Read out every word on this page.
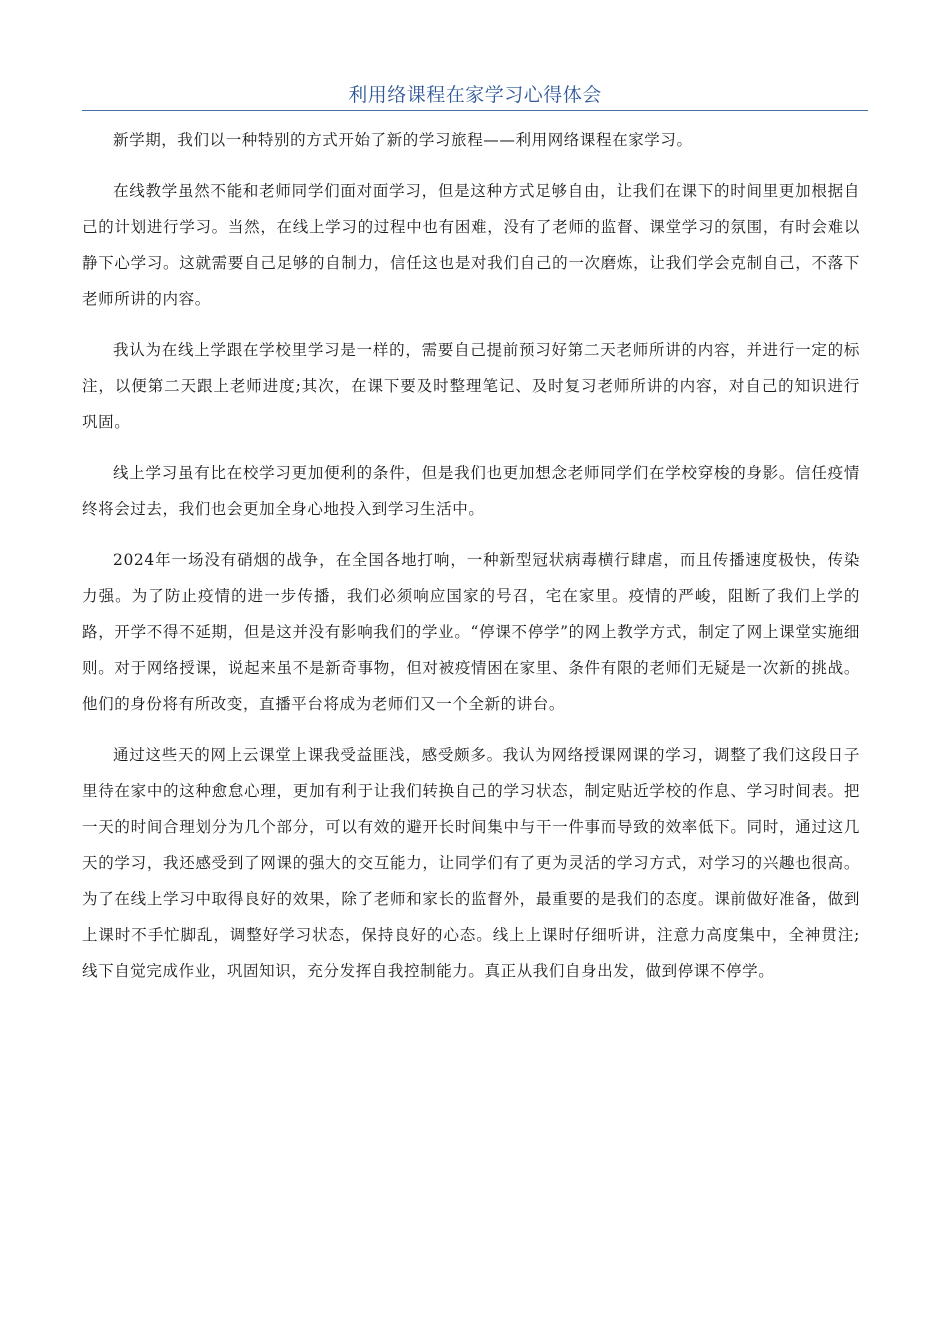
利用络课程在家学习心得体会

新学期，我们以一种特别的方式开始了新的学习旅程——利用网络课程在家学习。

在线教学虽然不能和老师同学们面对面学习，但是这种方式足够自由，让我们在课下的时间里更加根据自己的计划进行学习。当然，在线上学习的过程中也有困难，没有了老师的监督、课堂学习的氛围，有时会难以静下心学习。这就需要自己足够的自制力，信任这也是对我们自己的一次磨炼，让我们学会克制自己，不落下老师所讲的内容。

我认为在线上学跟在学校里学习是一样的，需要自己提前预习好第二天老师所讲的内容，并进行一定的标注，以便第二天跟上老师进度;其次，在课下要及时整理笔记、及时复习老师所讲的内容，对自己的知识进行巩固。

线上学习虽有比在校学习更加便利的条件，但是我们也更加想念老师同学们在学校穿梭的身影。信任疫情终将会过去，我们也会更加全身心地投入到学习生活中。

2024年一场没有硝烟的战争，在全国各地打响，一种新型冠状病毒横行肆虐，而且传播速度极快，传染力强。为了防止疫情的进一步传播，我们必须响应国家的号召，宅在家里。疫情的严峻，阻断了我们上学的路，开学不得不延期，但是这并没有影响我们的学业。“停课不停学”的网上教学方式，制定了网上课堂实施细则。对于网络授课，说起来虽不是新奇事物，但对被疫情困在家里、条件有限的老师们无疑是一次新的挑战。他们的身份将有所改变，直播平台将成为老师们又一个全新的讲台。

通过这些天的网上云课堂上课我受益匪浅，感受颇多。我认为网络授课网课的学习，调整了我们这段日子里待在家中的这种愈怠心理，更加有利于让我们转换自己的学习状态，制定贴近学校的作息、学习时间表。把一天的时间合理划分为几个部分，可以有效的避开长时间集中与干一件事而导致的效率低下。同时，通过这几天的学习，我还感受到了网课的强大的交互能力，让同学们有了更为灵活的学习方式，对学习的兴趣也很高。为了在线上学习中取得良好的效果，除了老师和家长的监督外，最重要的是我们的态度。课前做好准备，做到上课时不手忙脚乱，调整好学习状态，保持良好的心态。线上上课时仔细听讲，注意力高度集中，全神贯注;线下自觉完成作业，巩固知识，充分发挥自我控制能力。真正从我们自身出发，做到停课不停学。
